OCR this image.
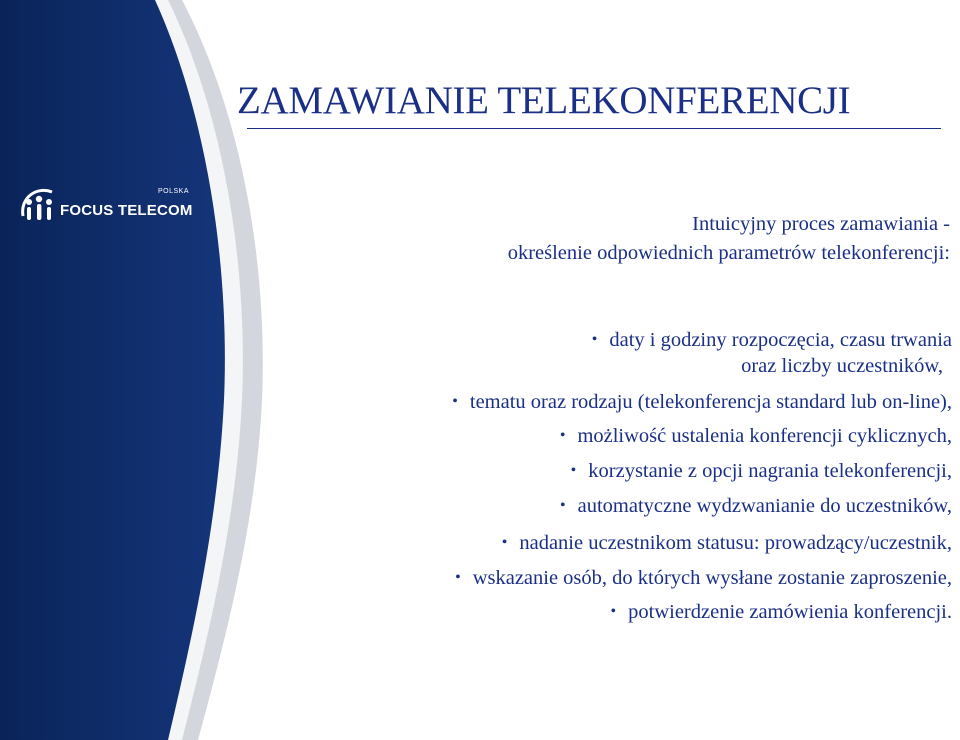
POLSKA
FOCUS TELECOM
ZAMAWIANIE TELEKONFERENCJI
Intuicyjny proces zamawiania -
określenie odpowiednich parametrów telekonferencji:
• daty i godziny rozpoczęcia, czasu trwania
oraz liczby uczestników,
• tematu oraz rodzaju (telekonferencja standard lub on-line),
• możliwość ustalenia konferencji cyklicznych,
• korzystanie z opcji nagrania telekonferencji,
• automatyczne wydzwanianie do uczestników,
• nadanie uczestnikom statusu: prowadzący/uczestnik,
• wskazanie osób, do których wysłane zostanie zaproszenie,
• potwierdzenie zamówienia konferencji.
